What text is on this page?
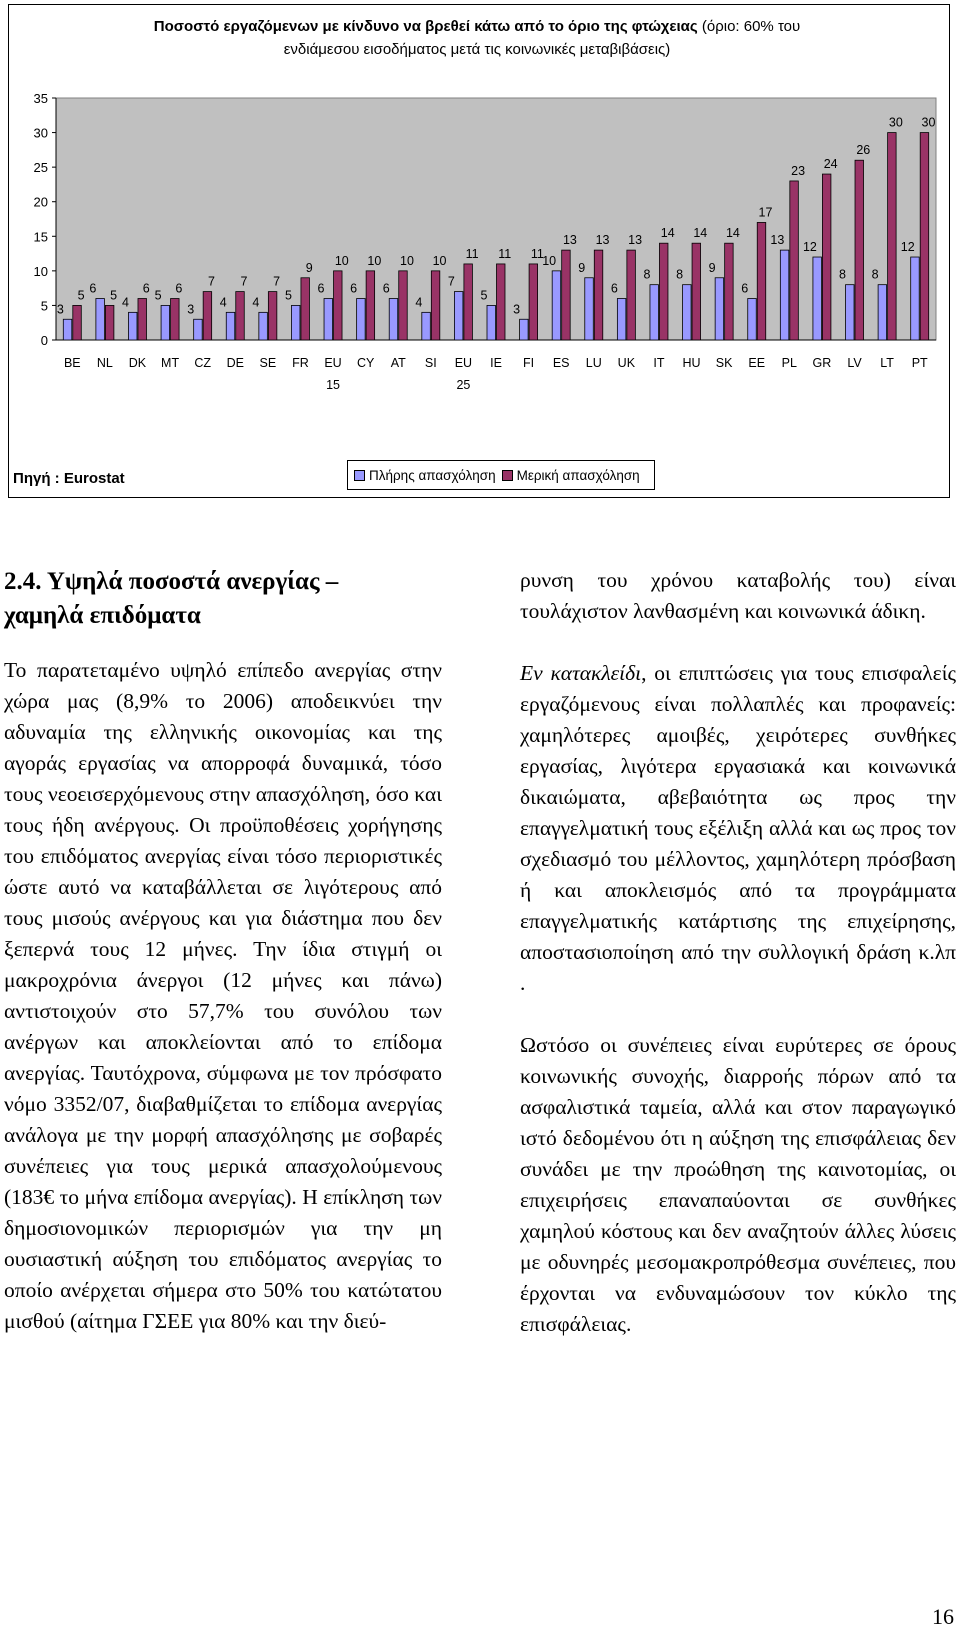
Ποσοστό εργαζόμενων με κίνδυνο να βρεθεί κάτω από το όριο της φτώχειας (όριο: 60% του
ενδιάμεσου εισοδήματος μετά τις κοινωνικές μεταβιβάσεις)
0
5
10
15
20
25
30
35
3
5
BE
6 5
NL
4
6
DK
5 6
MT
3
7
CZ
4
7
DE
4
7
SE
5
9
FR
6
10
EU
15
6
10
CY
6
10
AT
4
10
SI
7
11
EU
25
5
11
IE
3
11
FI
10
13
ES
9
13
LU
6
13
UK
8
14
IT
8
14
HU
9
14
SK
6
17
EE
13
23
PL
12
24
GR
8
26
LV
8
30
LT
12
30
PT
Πηγή : Eurostat	Πλήρης απασχόληση	Μερική απασχόληση
2.4. Υψηλά ποσοστά ανεργίας –
χαμηλά επιδόματα

Το παρατεταμένο υψηλό επίπεδο ανεργίας στην χώρα μας (8,9% το 2006) αποδεικνύει την αδυναμία της ελληνικής οικονομίας και της αγοράς εργασίας να απορροφά δυναμικά, τόσο τους νεοεισερχόμενους στην απασχόληση, όσο και τους ήδη ανέργους. Οι προϋποθέσεις χορήγησης του επιδόματος ανεργίας είναι τόσο περιοριστικές ώστε αυτό να καταβάλλεται σε λιγότερους από τους μισούς ανέργους και για διάστημα που δεν ξεπερνά τους 12 μήνες. Την ίδια στιγμή οι μακροχρόνια άνεργοι (12 μήνες και πάνω) αντιστοιχούν στο 57,7% του συνόλου των ανέργων και αποκλείονται από το επίδομα ανεργίας. Ταυτόχρονα, σύμφωνα με τον πρόσφατο νόμο 3352/07, διαβαθμίζεται το επίδομα ανεργίας ανάλογα με την μορφή απασχόλησης με σοβαρές συνέπειες για τους μερικά απασχολούμενους (183€ το μήνα επίδομα ανεργίας). Η επίκληση των δημοσιονομικών περιορισμών για την μη ουσιαστική αύξηση του επιδόματος ανεργίας το οποίο ανέρχεται σήμερα στο 50% του κατώτατου μισθού (αίτημα ΓΣΕΕ για 80% και την διεύ-

ρυνση του χρόνου καταβολής του) είναι τουλάχιστον λανθασμένη και κοινωνικά άδικη.

Εν κατακλείδι, οι επιπτώσεις για τους επισφαλείς εργαζόμενους είναι πολλαπλές και προφανείς: χαμηλότερες αμοιβές, χειρότερες συνθήκες εργασίας, λιγότερα εργασιακά και κοινωνικά δικαιώματα, αβεβαιότητα ως προς την επαγγελματική τους εξέλιξη αλλά και ως προς τον σχεδιασμό του μέλλοντος, χαμηλότερη πρόσβαση ή και αποκλεισμός από τα προγράμματα επαγγελματικής κατάρτισης της επιχείρησης, αποστασιοποίηση από την συλλογική δράση κ.λπ .

Ωστόσο οι συνέπειες είναι ευρύτερες σε όρους κοινωνικής συνοχής, διαρροής πόρων από τα ασφαλιστικά ταμεία, αλλά και στον παραγωγικό ιστό δεδομένου ότι η αύξηση της επισφάλειας δεν συνάδει με την προώθηση της καινοτομίας, οι επιχειρήσεις επαναπαύονται σε συνθήκες χαμηλού κόστους και δεν αναζητούν άλλες λύσεις με οδυνηρές μεσομακροπρόθεσμα συνέπειες, που έρχονται να ενδυναμώσουν τον κύκλο της επισφάλειας.

16
